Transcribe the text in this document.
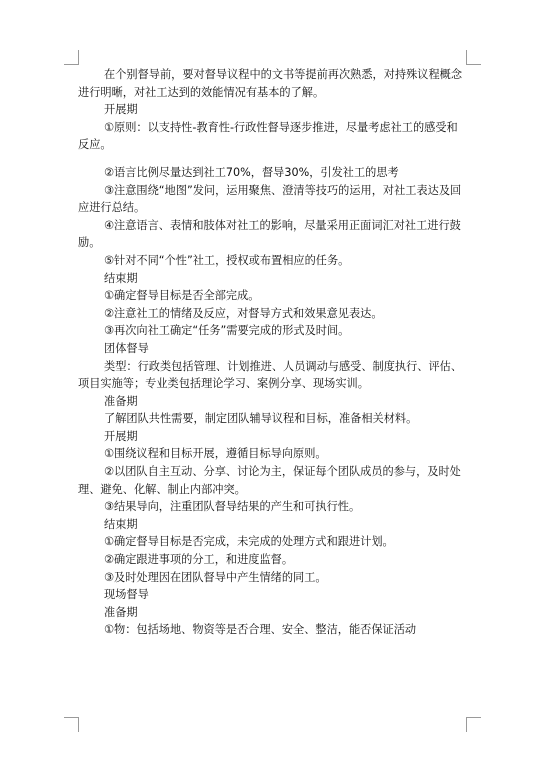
在个别督导前，要对督导议程中的文书等提前再次熟悉，对持殊议程概念进行明晰，对社工达到的效能情况有基本的了解。

开展期

①原则：以支持性-教育性-行政性督导逐步推进，尽量考虑社工的感受和反应。

②语言比例尽量达到社工70%，督导30%，引发社工的思考

③注意围绕“地图”发问，运用聚焦、澄清等技巧的运用，对社工表达及回应进行总结。

④注意语言、表情和肢体对社工的影响，尽量采用正面词汇对社工进行鼓励。

⑤针对不同“个性”社工，授权或布置相应的任务。

结束期

①确定督导目标是否全部完成。

②注意社工的情绪及反应，对督导方式和效果意见表达。

③再次向社工确定“任务”需要完成的形式及时间。

团体督导

类型：行政类包括管理、计划推进、人员调动与感受、制度执行、评估、项目实施等；专业类包括理论学习、案例分享、现场实训。

准备期

了解团队共性需要，制定团队辅导议程和目标，准备相关材料。

开展期

①围绕议程和目标开展，遵循目标导向原则。

②以团队自主互动、分享、讨论为主，保证每个团队成员的参与，及时处理、避免、化解、制止内部冲突。

③结果导向，注重团队督导结果的产生和可执行性。

结束期

①确定督导目标是否完成，未完成的处理方式和跟进计划。

②确定跟进事项的分工，和进度监督。

③及时处理因在团队督导中产生情绪的同工。

现场督导

准备期

①物：包括场地、物资等是否合理、安全、整洁，能否保证活动
